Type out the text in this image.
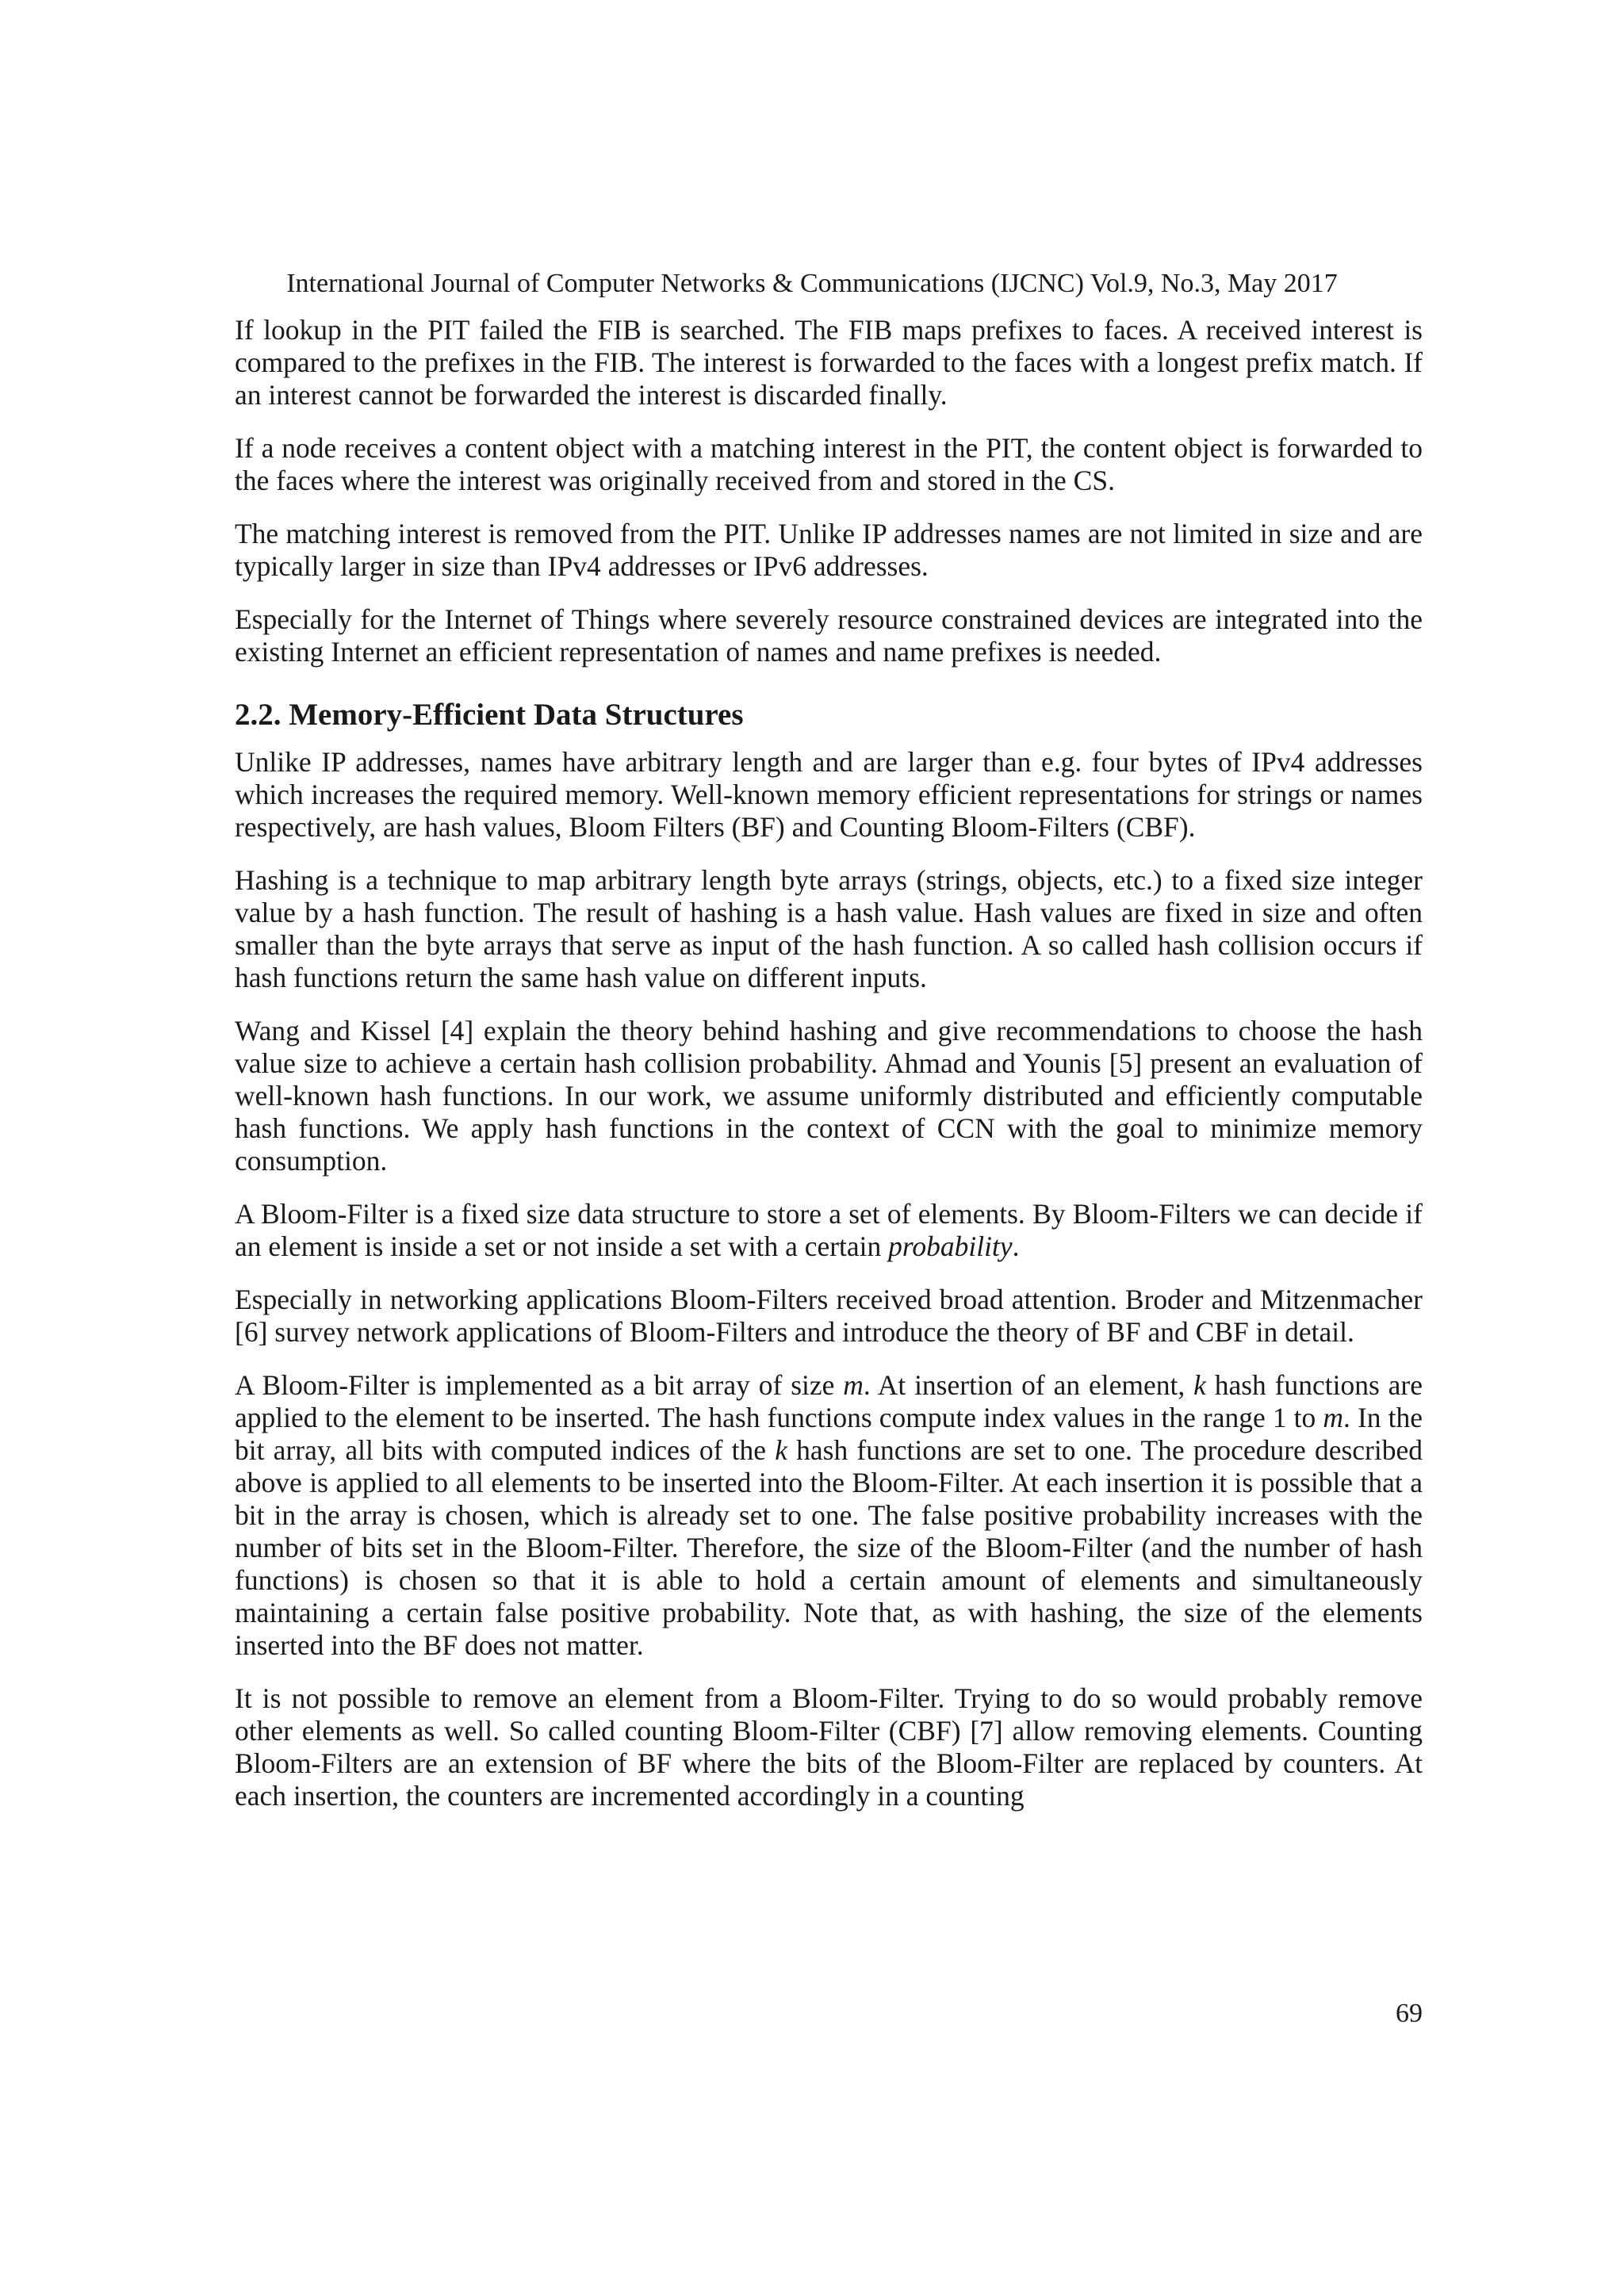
International Journal of Computer Networks & Communications (IJCNC) Vol.9, No.3, May 2017

If lookup in the PIT failed the FIB is searched. The FIB maps prefixes to faces. A received interest is compared to the prefixes in the FIB. The interest is forwarded to the faces with a longest prefix match. If an interest cannot be forwarded the interest is discarded finally.

If a node receives a content object with a matching interest in the PIT, the content object is forwarded to the faces where the interest was originally received from and stored in the CS.

The matching interest is removed from the PIT. Unlike IP addresses names are not limited in size and are typically larger in size than IPv4 addresses or IPv6 addresses.

Especially for the Internet of Things where severely resource constrained devices are integrated into the existing Internet an efficient representation of names and name prefixes is needed.

2.2. Memory-Efficient Data Structures

Unlike IP addresses, names have arbitrary length and are larger than e.g. four bytes of IPv4 addresses which increases the required memory. Well-known memory efficient representations for strings or names respectively, are hash values, Bloom Filters (BF) and Counting Bloom-Filters (CBF).

Hashing is a technique to map arbitrary length byte arrays (strings, objects, etc.) to a fixed size integer value by a hash function. The result of hashing is a hash value. Hash values are fixed in size and often smaller than the byte arrays that serve as input of the hash function. A so called hash collision occurs if hash functions return the same hash value on different inputs.

Wang and Kissel [4] explain the theory behind hashing and give recommendations to choose the hash value size to achieve a certain hash collision probability. Ahmad and Younis [5] present an evaluation of well-known hash functions. In our work, we assume uniformly distributed and efficiently computable hash functions. We apply hash functions in the context of CCN with the goal to minimize memory consumption.

A Bloom-Filter is a fixed size data structure to store a set of elements. By Bloom-Filters we can decide if an element is inside a set or not inside a set with a certain probability.

Especially in networking applications Bloom-Filters received broad attention. Broder and Mitzenmacher [6] survey network applications of Bloom-Filters and introduce the theory of BF and CBF in detail.

A Bloom-Filter is implemented as a bit array of size m. At insertion of an element, k hash functions are applied to the element to be inserted. The hash functions compute index values in the range 1 to m. In the bit array, all bits with computed indices of the k hash functions are set to one. The procedure described above is applied to all elements to be inserted into the Bloom-Filter. At each insertion it is possible that a bit in the array is chosen, which is already set to one. The false positive probability increases with the number of bits set in the Bloom-Filter. Therefore, the size of the Bloom-Filter (and the number of hash functions) is chosen so that it is able to hold a certain amount of elements and simultaneously maintaining a certain false positive probability. Note that, as with hashing, the size of the elements inserted into the BF does not matter.

It is not possible to remove an element from a Bloom-Filter. Trying to do so would probably remove other elements as well. So called counting Bloom-Filter (CBF) [7] allow removing elements. Counting Bloom-Filters are an extension of BF where the bits of the Bloom-Filter are replaced by counters. At each insertion, the counters are incremented accordingly in a counting

69
